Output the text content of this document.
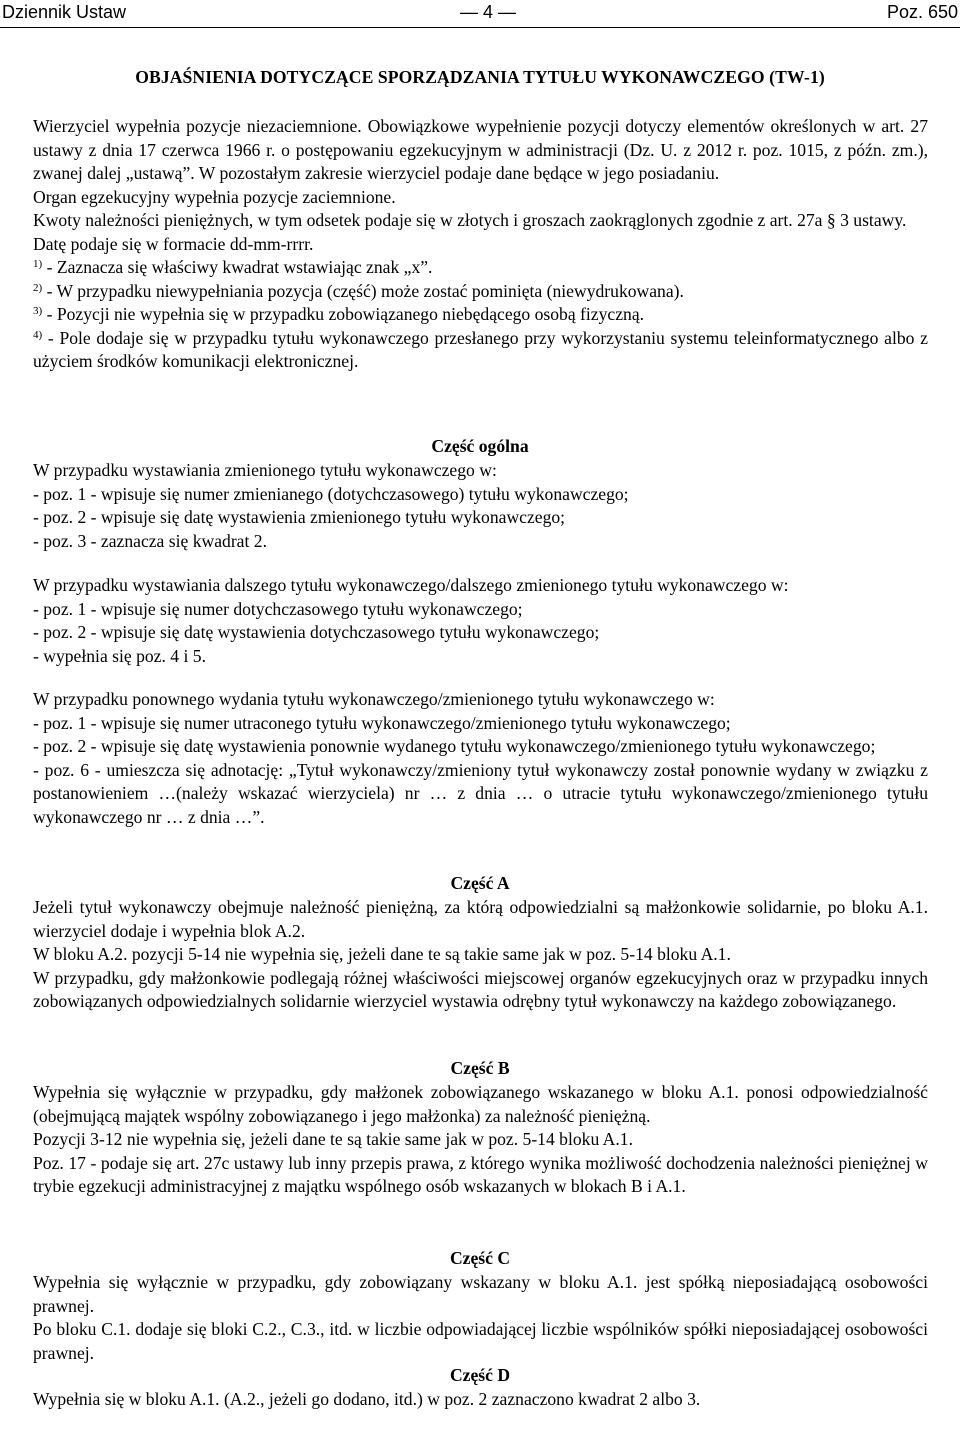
Dziennik Ustaw	— 4 —	Poz. 650
OBJAŚNIENIA DOTYCZĄCE SPORZĄDZANIA TYTUŁU WYKONAWCZEGO (TW-1)

Wierzyciel wypełnia pozycje niezaciemnione. Obowiązkowe wypełnienie pozycji dotyczy elementów określonych w art. 27 ustawy z dnia 17 czerwca 1966 r. o postępowaniu egzekucyjnym w administracji (Dz. U. z 2012 r. poz. 1015, z późn. zm.), zwanej dalej „ustawą”. W pozostałym zakresie wierzyciel podaje dane będące w jego posiadaniu.

Organ egzekucyjny wypełnia pozycje zaciemnione.

Kwoty należności pieniężnych, w tym odsetek podaje się w złotych i groszach zaokrąglonych zgodnie z art. 27a § 3 ustawy.

Datę podaje się w formacie dd-mm-rrrr.

$^{1)}$ - Zaznacza się właściwy kwadrat wstawiając znak „x”.

$^{2)}$ - W przypadku niewypełniania pozycja (część) może zostać pominięta (niewydrukowana).

$^{3)}$ - Pozycji nie wypełnia się w przypadku zobowiązanego niebędącego osobą fizyczną.

$^{4)}$ - Pole dodaje się w przypadku tytułu wykonawczego przesłanego przy wykorzystaniu systemu teleinformatycznego albo z użyciem środków komunikacji elektronicznej.

Część ogólna

W przypadku wystawiania zmienionego tytułu wykonawczego w:

- poz. 1 - wpisuje się numer zmienianego (dotychczasowego) tytułu wykonawczego;

- poz. 2 - wpisuje się datę wystawienia zmienionego tytułu wykonawczego;

- poz. 3 - zaznacza się kwadrat 2.

W przypadku wystawiania dalszego tytułu wykonawczego/dalszego zmienionego tytułu wykonawczego w:

- poz. 1 - wpisuje się numer dotychczasowego tytułu wykonawczego;

- poz. 2 - wpisuje się datę wystawienia dotychczasowego tytułu wykonawczego;

- wypełnia się poz. 4 i 5.

W przypadku ponownego wydania tytułu wykonawczego/zmienionego tytułu wykonawczego w:

- poz. 1 - wpisuje się numer utraconego tytułu wykonawczego/zmienionego tytułu wykonawczego;

- poz. 2 - wpisuje się datę wystawienia ponownie wydanego tytułu wykonawczego/zmienionego tytułu wykonawczego;

- poz. 6 - umieszcza się adnotację: „Tytuł wykonawczy/zmieniony tytuł wykonawczy został ponownie wydany w związku z postanowieniem …(należy wskazać wierzyciela) nr … z dnia … o utracie tytułu wykonawczego/zmienionego tytułu wykonawczego nr … z dnia …”.

Część A

Jeżeli tytuł wykonawczy obejmuje należność pieniężną, za którą odpowiedzialni są małżonkowie solidarnie, po bloku A.1. wierzyciel dodaje i wypełnia blok A.2.

W bloku A.2. pozycji 5-14 nie wypełnia się, jeżeli dane te są takie same jak w poz. 5-14 bloku A.1.

W przypadku, gdy małżonkowie podlegają różnej właściwości miejscowej organów egzekucyjnych oraz w przypadku innych zobowiązanych odpowiedzialnych solidarnie wierzyciel wystawia odrębny tytuł wykonawczy na każdego zobowiązanego.

Część B

Wypełnia się wyłącznie w przypadku, gdy małżonek zobowiązanego wskazanego w bloku A.1. ponosi odpowiedzialność (obejmującą majątek wspólny zobowiązanego i jego małżonka) za należność pieniężną.

Pozycji 3-12 nie wypełnia się, jeżeli dane te są takie same jak w poz. 5-14 bloku A.1.

Poz. 17 - podaje się art. 27c ustawy lub inny przepis prawa, z którego wynika możliwość dochodzenia należności pieniężnej w trybie egzekucji administracyjnej z majątku wspólnego osób wskazanych w blokach B i A.1.

Część C

Wypełnia się wyłącznie w przypadku, gdy zobowiązany wskazany w bloku A.1. jest spółką nieposiadającą osobowości prawnej.

Po bloku C.1. dodaje się bloki C.2., C.3., itd. w liczbie odpowiadającej liczbie wspólników spółki nieposiadającej osobowości prawnej.

Część D

Wypełnia się w bloku A.1. (A.2., jeżeli go dodano, itd.) w poz. 2 zaznaczono kwadrat 2 albo 3.
